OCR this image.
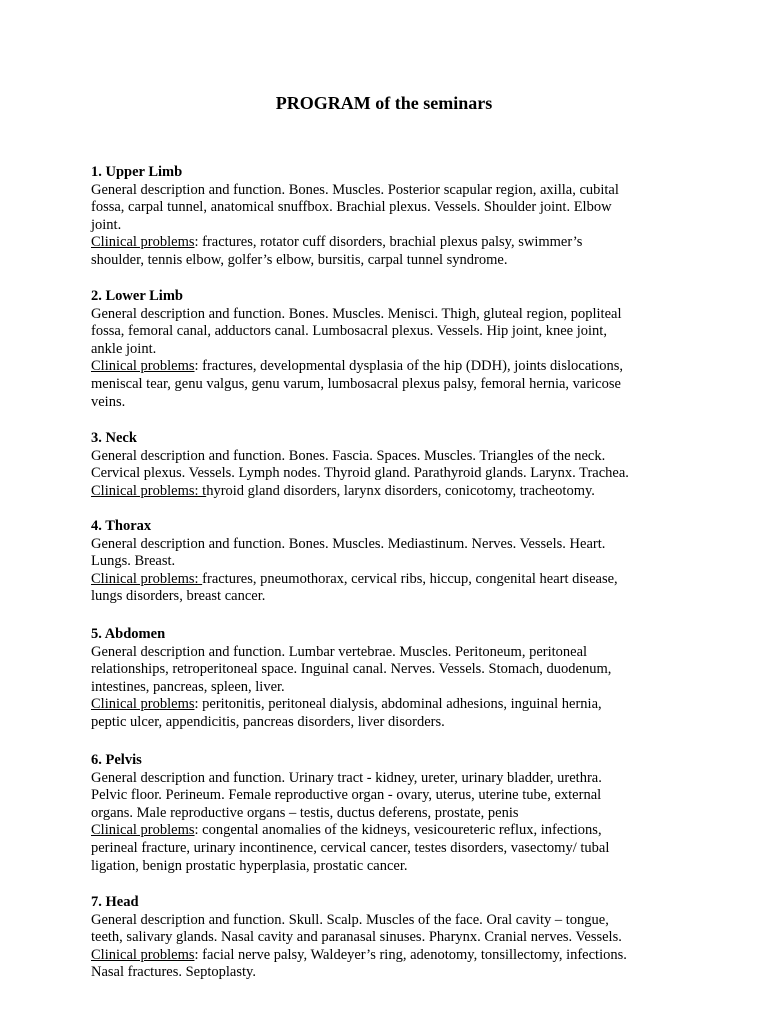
PROGRAM of the seminars
1. Upper Limb
General description and function. Bones. Muscles. Posterior scapular region, axilla, cubital
fossa, carpal tunnel, anatomical snuffbox. Brachial plexus. Vessels. Shoulder joint. Elbow
joint.
Clinical problems: fractures, rotator cuff disorders, brachial plexus palsy, swimmer’s
shoulder, tennis elbow, golfer’s elbow, bursitis, carpal tunnel syndrome.
2. Lower Limb
General description and function. Bones. Muscles. Menisci. Thigh, gluteal region, popliteal
fossa, femoral canal, adductors canal. Lumbosacral plexus. Vessels. Hip joint, knee joint,
ankle joint.
Clinical problems: fractures, developmental dysplasia of the hip (DDH), joints dislocations,
meniscal tear, genu valgus, genu varum, lumbosacral plexus palsy, femoral hernia, varicose
veins.
3. Neck
General description and function. Bones. Fascia. Spaces. Muscles. Triangles of the neck.
Cervical plexus. Vessels. Lymph nodes. Thyroid gland. Parathyroid glands. Larynx. Trachea.
Clinical problems: thyroid gland disorders, larynx disorders, conicotomy, tracheotomy.
4. Thorax
General description and function. Bones. Muscles. Mediastinum. Nerves. Vessels. Heart.
Lungs. Breast.
Clinical problems: fractures, pneumothorax, cervical ribs, hiccup, congenital heart disease,
lungs disorders, breast cancer.
5. Abdomen
General description and function. Lumbar vertebrae. Muscles. Peritoneum, peritoneal
relationships, retroperitoneal space. Inguinal canal. Nerves. Vessels. Stomach, duodenum,
intestines, pancreas, spleen, liver.
Clinical problems: peritonitis, peritoneal dialysis, abdominal adhesions, inguinal hernia,
peptic ulcer, appendicitis, pancreas disorders, liver disorders.
6. Pelvis
General description and function. Urinary tract - kidney, ureter, urinary bladder, urethra.
Pelvic floor. Perineum. Female reproductive organ - ovary, uterus, uterine tube, external
organs. Male reproductive organs – testis, ductus deferens, prostate, penis
Clinical problems: congental anomalies of the kidneys, vesicoureteric reflux, infections,
perineal fracture, urinary incontinence, cervical cancer, testes disorders, vasectomy/ tubal
ligation, benign prostatic hyperplasia, prostatic cancer.
7. Head
General description and function. Skull. Scalp. Muscles of the face. Oral cavity – tongue,
teeth, salivary glands. Nasal cavity and paranasal sinuses. Pharynx. Cranial nerves. Vessels.
Clinical problems: facial nerve palsy, Waldeyer’s ring, adenotomy, tonsillectomy, infections.
Nasal fractures. Septoplasty.
